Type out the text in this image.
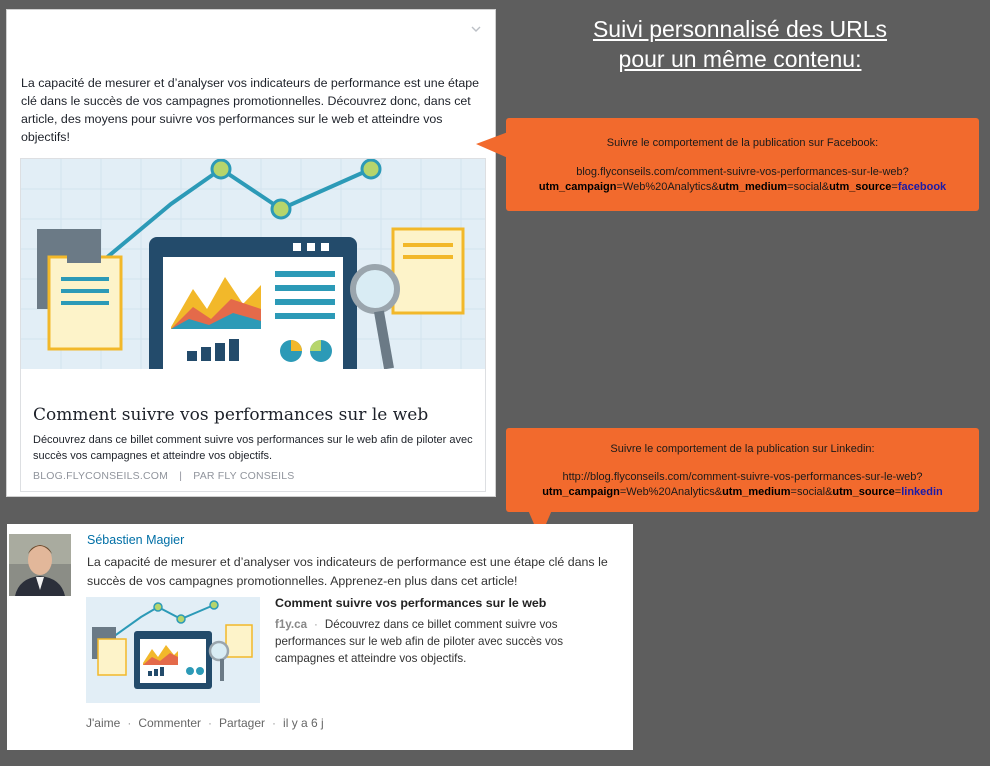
Suivi personnalisé des URLs
pour un même contenu:
La capacité de mesurer et d’analyser vos indicateurs de performance est une étape clé dans le succès de vos campagnes promotionnelles. Découvrez donc, dans cet article, des moyens pour suivre vos performances sur le web et atteindre vos objectifs!
Comment suivre vos performances sur le web
Découvrez dans ce billet comment suivre vos performances sur le web afin de piloter avec succès vos campagnes et atteindre vos objectifs.
BLOG.FLYCONSEILS.COM | PAR FLY CONSEILS
Suivre le comportement de la publication sur Facebook:
blog.flyconseils.com/comment-suivre-vos-performances-sur-le-web?
utm_campaign=Web%20Analytics&utm_medium=social&utm_source=facebook
Suivre le comportement de la publication sur Linkedin:
http://blog.flyconseils.com/comment-suivre-vos-performances-sur-le-web?
utm_campaign=Web%20Analytics&utm_medium=social&utm_source=linkedin
Sébastien Magier
La capacité de mesurer et d’analyser vos indicateurs de performance est une étape clé dans le succès de vos campagnes promotionnelles. Apprenez-en plus dans cet article!
Comment suivre vos performances sur le web
f1y.ca · Découvrez dans ce billet comment suivre vos performances sur le web afin de piloter avec succès vos campagnes et atteindre vos objectifs.
J'aime · Commenter · Partager · il y a 6 j
